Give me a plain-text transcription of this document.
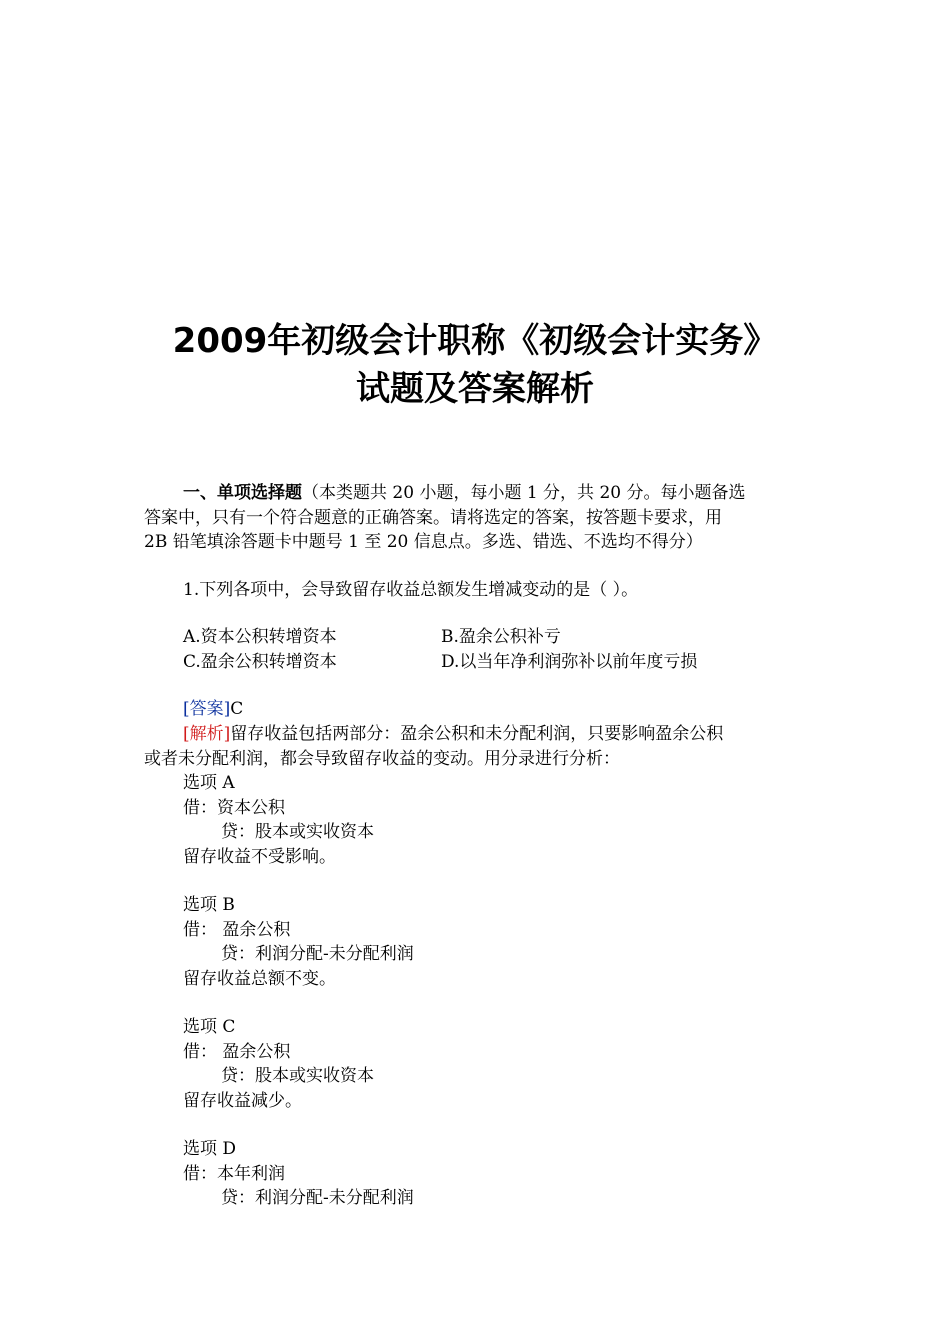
2009年初级会计职称《初级会计实务》
试题及答案解析
一、单项选择题（本类题共 20 小题，每小题 1 分，共 20 分。每小题备选
答案中，只有一个符合题意的正确答案。请将选定的答案，按答题卡要求，用
2B 铅笔填涂答题卡中题号 1 至 20 信息点。多选、错选、不选均不得分）
1.下列各项中，会导致留存收益总额发生增减变动的是（ ）。
A.资本公积转增资本	B.盈余公积补亏
C.盈余公积转增资本	D.以当年净利润弥补以前年度亏损
[答案]C
[解析]留存收益包括两部分：盈余公积和未分配利润，只要影响盈余公积
或者未分配利润，都会导致留存收益的变动。用分录进行分析：
选项 A
借：资本公积
贷：股本或实收资本
留存收益不受影响。
选项 B
借： 盈余公积
贷：利润分配-未分配利润
留存收益总额不变。
选项 C
借： 盈余公积
贷：股本或实收资本
留存收益减少。
选项 D
借：本年利润
贷：利润分配-未分配利润
